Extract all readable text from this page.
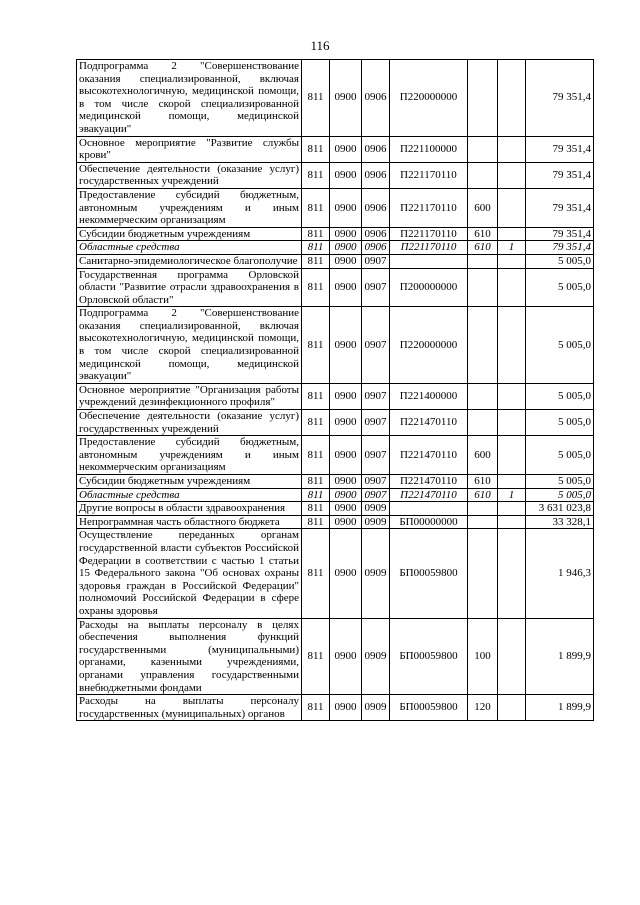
116
Подпрограмма 2 "Совершенствование оказания специализированной, включая высокотехнологичную, медицинской помощи, в том числе скорой специализированной медицинской помощи, медицинской эвакуации"	811	0900	0906	П220000000			79 351,4
Основное мероприятие "Развитие службы крови"	811	0900	0906	П221100000			79 351,4
Обеспечение деятельности (оказание услуг) государственных учреждений	811	0900	0906	П221170110			79 351,4
Предоставление субсидий бюджетным, автономным учреждениям и иным некоммерческим организациям	811	0900	0906	П221170110	600		79 351,4
Субсидии бюджетным учреждениям	811	0900	0906	П221170110	610		79 351,4
Областные средства	811	0900	0906	П221170110	610	1	79 351,4
Санитарно-эпидемиологическое благополучие	811	0900	0907				5 005,0
Государственная программа Орловской области "Развитие отрасли здравоохранения в Орловской области"	811	0900	0907	П200000000			5 005,0
Подпрограмма 2 "Совершенствование оказания специализированной, включая высокотехнологичную, медицинской помощи, в том числе скорой специализированной медицинской помощи, медицинской эвакуации"	811	0900	0907	П220000000			5 005,0
Основное мероприятие "Организация работы учреждений дезинфекционного профиля"	811	0900	0907	П221400000			5 005,0
Обеспечение деятельности (оказание услуг) государственных учреждений	811	0900	0907	П221470110			5 005,0
Предоставление субсидий бюджетным, автономным учреждениям и иным некоммерческим организациям	811	0900	0907	П221470110	600		5 005,0
Субсидии бюджетным учреждениям	811	0900	0907	П221470110	610		5 005,0
Областные средства	811	0900	0907	П221470110	610	1	5 005,0
Другие вопросы в области здравоохранения	811	0900	0909				3 631 023,8
Непрограммная часть областного бюджета	811	0900	0909	БП00000000			33 328,1
Осуществление переданных органам государственной власти субъектов Российской Федерации в соответствии с частью 1 статьи 15 Федерального закона "Об основах охраны здоровья граждан в Российской Федерации" полномочий Российской Федерации в сфере охраны здоровья	811	0900	0909	БП00059800			1 946,3
Расходы на выплаты персоналу в целях обеспечения выполнения функций государственными (муниципальными) органами, казенными учреждениями, органами управления государственными внебюджетными фондами	811	0900	0909	БП00059800	100		1 899,9
Расходы на выплаты персоналу государственных (муниципальных) органов	811	0900	0909	БП00059800	120		1 899,9
